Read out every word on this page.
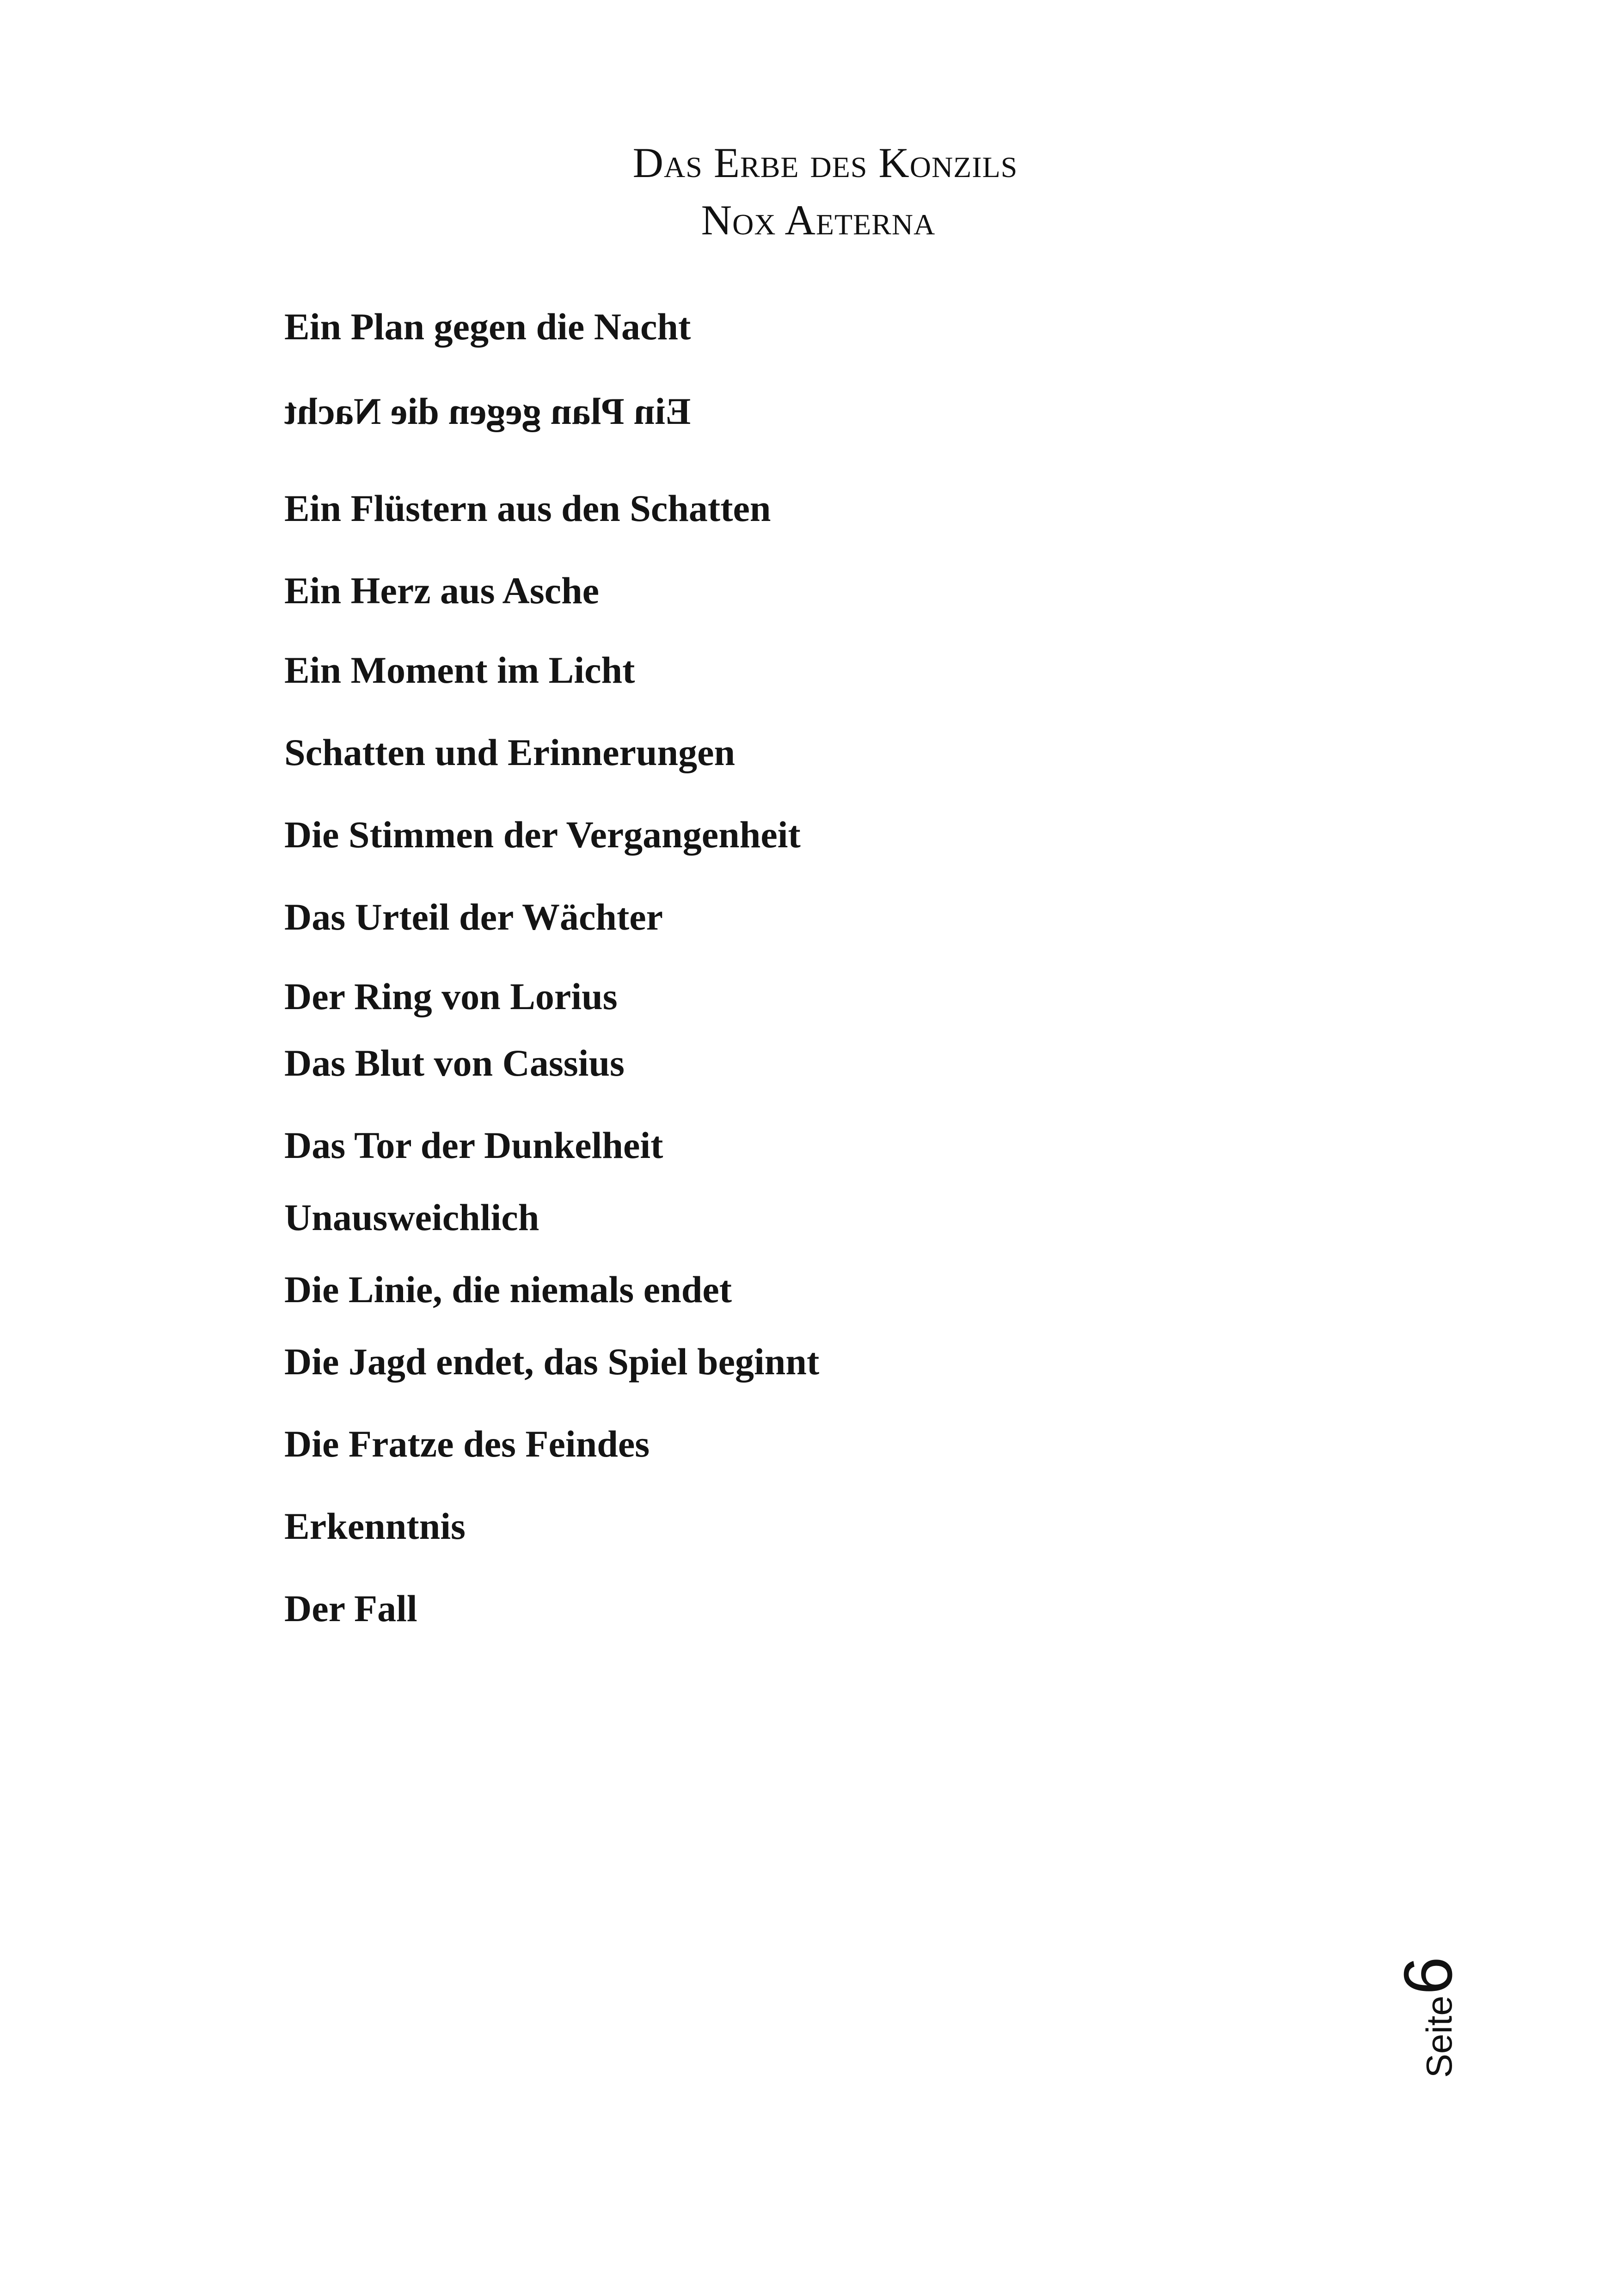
Das Erbe des Konzils
Nox Aeterna
Ein Plan gegen die Nacht
Ein Plan gegen die Nacht
Ein Flüstern aus den Schatten
Ein Herz aus Asche
Ein Moment im Licht
Schatten und Erinnerungen
Die Stimmen der Vergangenheit
Das Urteil der Wächter
Der Ring von Lorius
Das Blut von Cassius
Das Tor der Dunkelheit
Unausweichlich
Die Linie, die niemals endet
Die Jagd endet, das Spiel beginnt
Die Fratze des Feindes
Erkenntnis
Der Fall
Seite6
